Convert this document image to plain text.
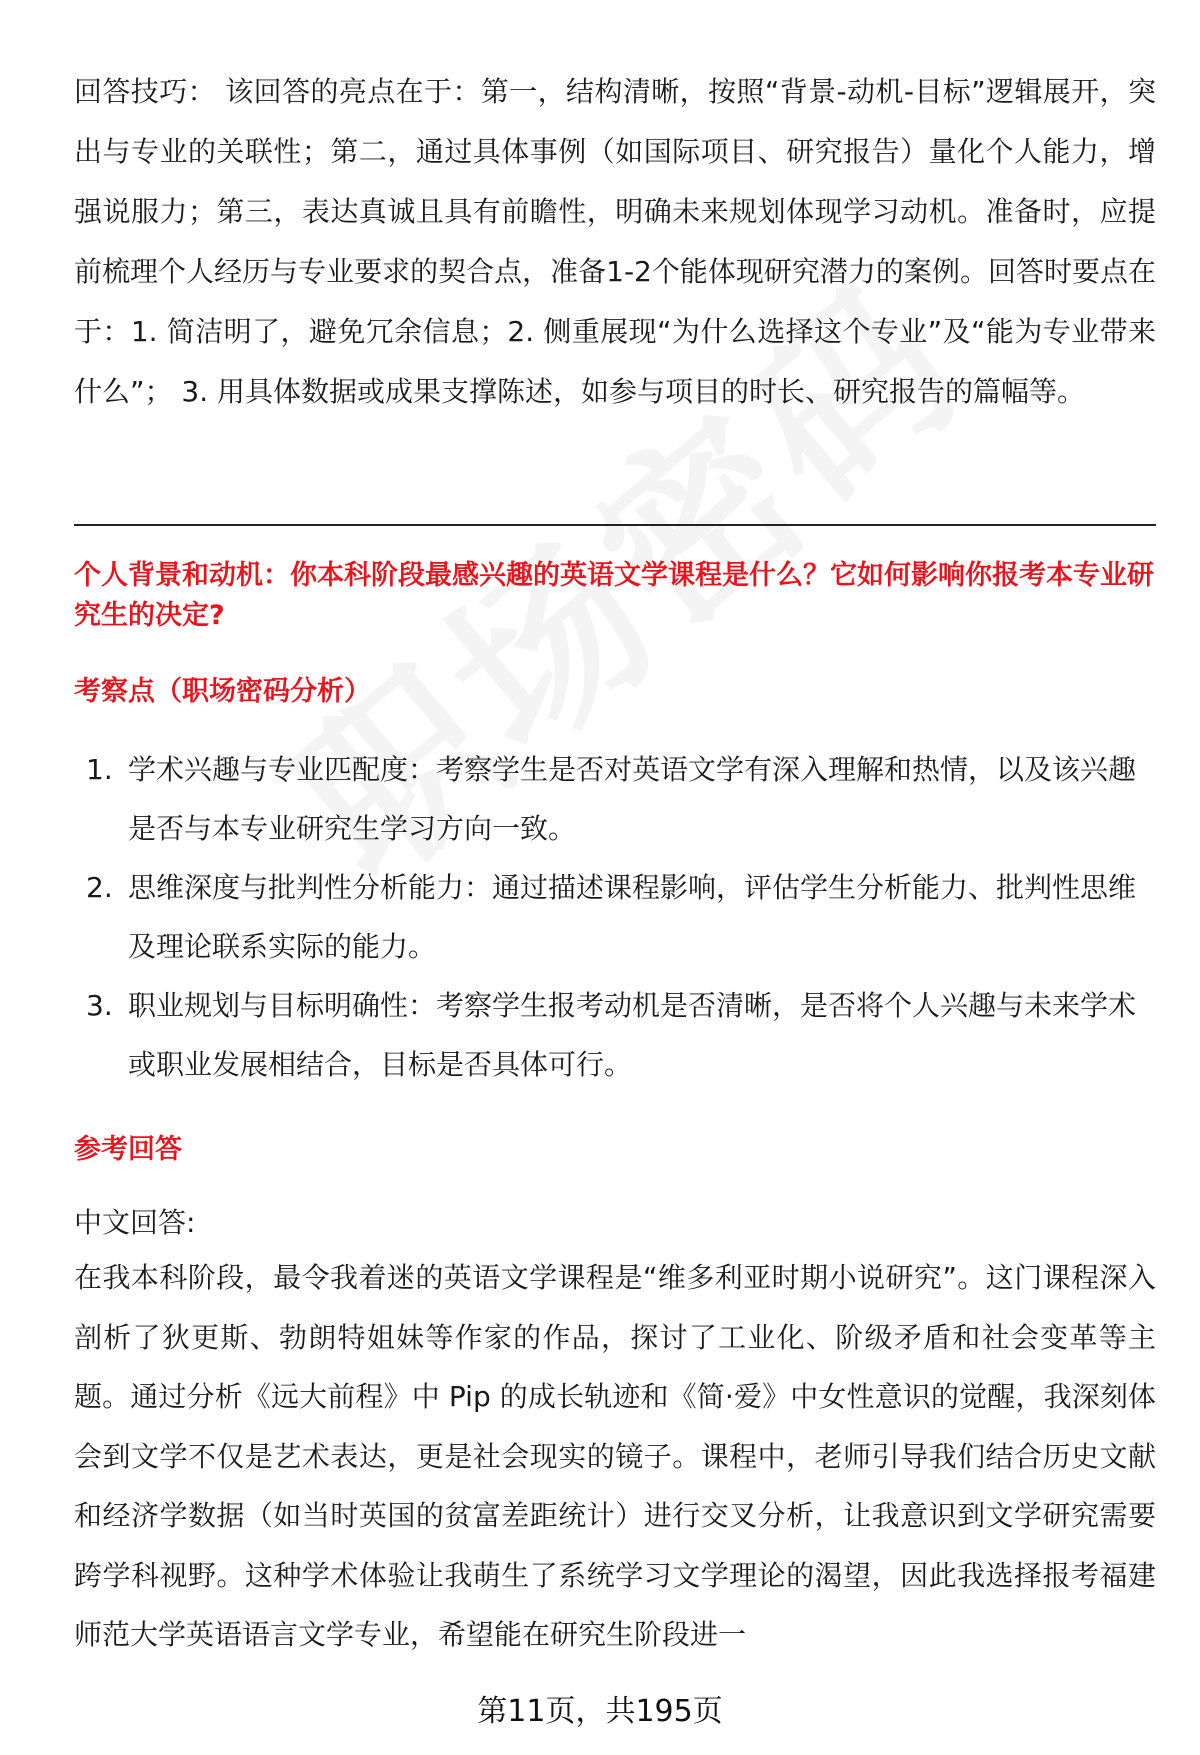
回答技巧： 该回答的亮点在于：第一，结构清晰，按照“背景-动机-目标”逻辑展开，突出与专业的关联性；第二，通过具体事例（如国际项目、研究报告）量化个人能力，增强说服力；第三，表达真诚且具有前瞻性，明确未来规划体现学习动机。准备时，应提前梳理个人经历与专业要求的契合点，准备1-2个能体现研究潜力的案例。回答时要点在于：1. 简洁明了，避免冗余信息；2. 侧重展现“为什么选择这个专业”及“能为专业带来什么”； 3. 用具体数据或成果支撑陈述，如参与项目的时长、研究报告的篇幅等。

个人背景和动机：你本科阶段最感兴趣的英语文学课程是什么？它如何影响你报考本专业研究生的决定?

考察点（职场密码分析）

1. 学术兴趣与专业匹配度：考察学生是否对英语文学有深入理解和热情，以及该兴趣是否与本专业研究生学习方向一致。
2. 思维深度与批判性分析能力：通过描述课程影响，评估学生分析能力、批判性思维及理论联系实际的能力。
3. 职业规划与目标明确性：考察学生报考动机是否清晰，是否将个人兴趣与未来学术或职业发展相结合，目标是否具体可行。

参考回答

中文回答:

在我本科阶段，最令我着迷的英语文学课程是“维多利亚时期小说研究”。这门课程深入剖析了狄更斯、勃朗特姐妹等作家的作品，探讨了工业化、阶级矛盾和社会变革等主题。通过分析《远大前程》中 Pip 的成长轨迹和《简·爱》中女性意识的觉醒，我深刻体会到文学不仅是艺术表达，更是社会现实的镜子。课程中，老师引导我们结合历史文献和经济学数据（如当时英国的贫富差距统计）进行交叉分析，让我意识到文学研究需要跨学科视野。这种学术体验让我萌生了系统学习文学理论的渴望，因此我选择报考福建师范大学英语语言文学专业，希望能在研究生阶段进一

第11页，共195页
